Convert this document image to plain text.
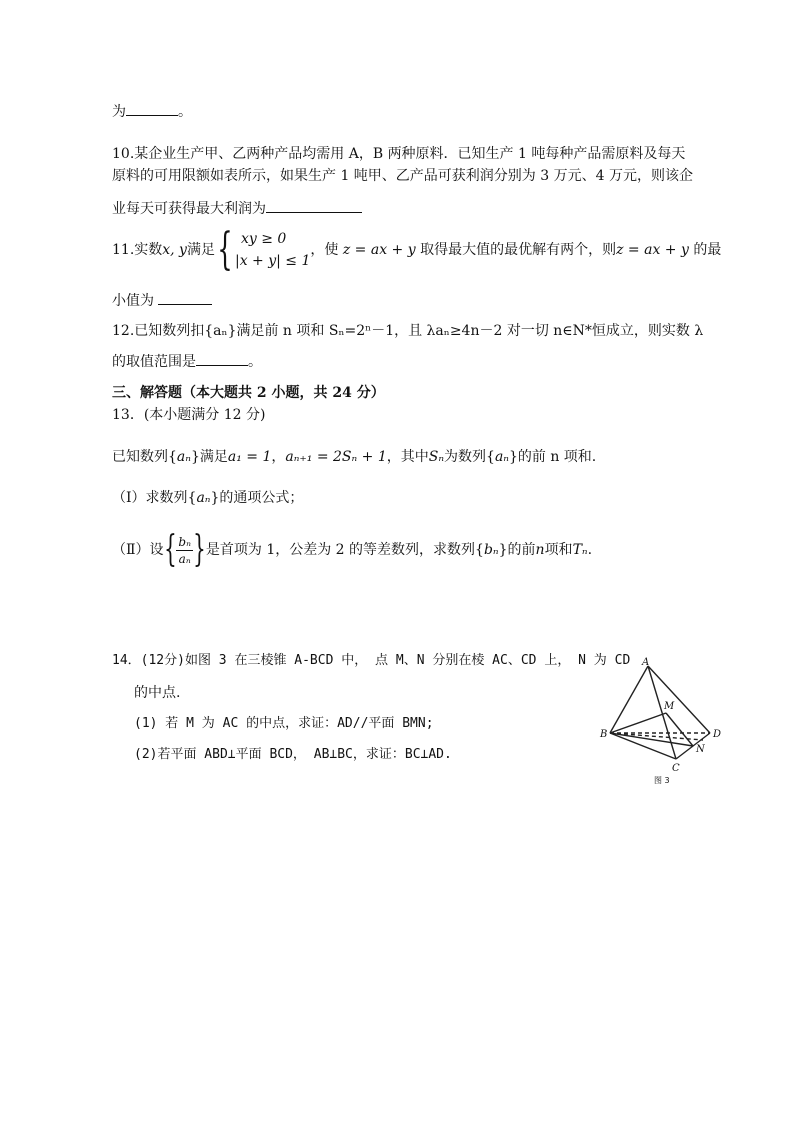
为	。
10.某企业生产甲、乙两种产品均需用 A，B 两种原料．已知生产 1 吨每种产品需原料及每天
原料的可用限额如表所示，如果生产 1 吨甲、乙产品可获利润分别为 3 万元、4 万元，则该企
业每天可获得最大利润为
11.实数x, y满足{ xy ≥ 0
|x + y| ≤ 1
，使 z = ax + y 取得最大值的最优解有两个，则z = ax + y 的最
小值为
12.已知数列扣{aₙ}满足前 n 项和 Sₙ=2ⁿ－1，且 λaₙ≥4n－2 对一切 n∈N*恒成立，则实数 λ
的取值范围是	。
三、解答题（本大题共 2 小题，共 24 分）
13．(本小题满分 12 分)
已知数列{aₙ}满足a₁ = 1，aₙ₊₁ = 2Sₙ + 1，其中Sₙ为数列{aₙ}的前 n 项和.
（Ⅰ）求数列{aₙ}的通项公式；
（Ⅱ）设{ $\frac{\text{bₙ}}{\text{aₙ}}$ }是首项为 1，公差为 2 的等差数列，求数列{bₙ}的前n项和Tₙ.
14．(12分)如图 3 在三棱锥 A-BCD 中， 点 M、N 分别在棱 AC、CD 上， N 为 CD
的中点.
(1) 若 M 为 AC 的中点，求证：AD//平面 BMN;
(2)若平面 ABD⊥平面 BCD， AB⊥BC，求证：BC⊥AD.
A
B
C
D
M
N
图 3
